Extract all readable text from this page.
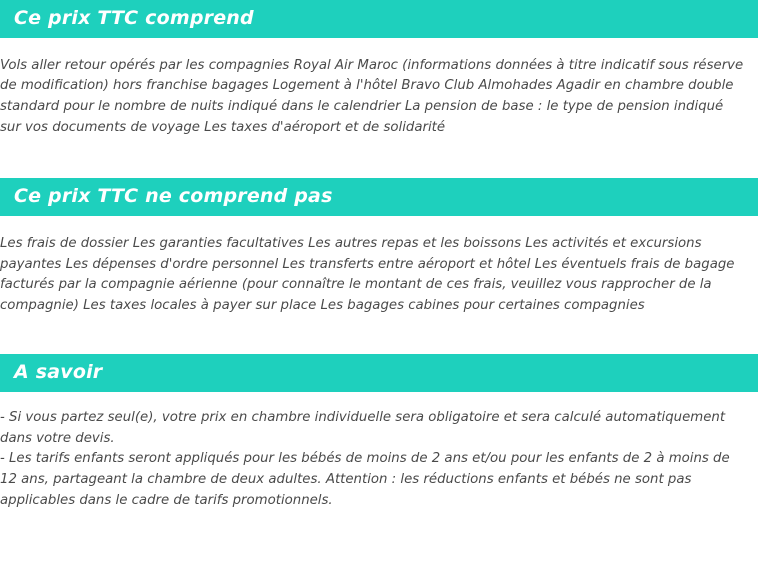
Ce prix TTC comprend
Vols aller retour opérés par les compagnies Royal Air Maroc (informations données à titre indicatif sous réserve de modification) hors franchise bagages Logement à l'hôtel Bravo Club Almohades Agadir en chambre double standard pour le nombre de nuits indiqué dans le calendrier La pension de base : le type de pension indiqué sur vos documents de voyage Les taxes d'aéroport et de solidarité
Ce prix TTC ne comprend pas
Les frais de dossier Les garanties facultatives Les autres repas et les boissons Les activités et excursions payantes Les dépenses d'ordre personnel Les transferts entre aéroport et hôtel Les éventuels frais de bagage facturés par la compagnie aérienne (pour connaître le montant de ces frais, veuillez vous rapprocher de la compagnie) Les taxes locales à payer sur place Les bagages cabines pour certaines compagnies
A savoir

- Si vous partez seul(e), votre prix en chambre individuelle sera obligatoire et sera calculé automatiquement dans votre devis.

- Les tarifs enfants seront appliqués pour les bébés de moins de 2 ans et/ou pour les enfants de 2 à moins de 12 ans, partageant la chambre de deux adultes. Attention : les réductions enfants et bébés ne sont pas applicables dans le cadre de tarifs promotionnels.
